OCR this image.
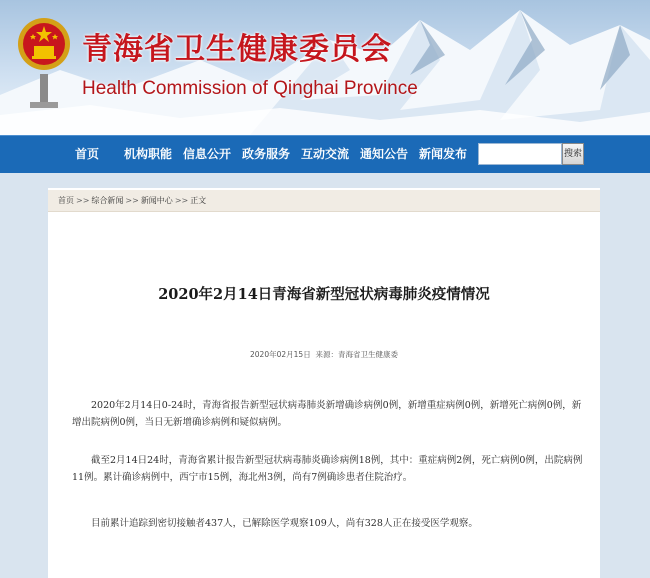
青海省卫生健康委员会
Health Commission of Qinghai Province
首页 机构职能 信息公开 政务服务 互动交流 通知公告 新闻发布	搜索
首页 >> 综合新闻 >> 新闻中心 >> 正文
2020年2月14日青海省新型冠状病毒肺炎疫情情况
2020年02月15日 来源：青海省卫生健康委

2020年2月14日0-24时，青海省报告新型冠状病毒肺炎新增确诊病例0例，新增重症病例0例，新增死亡病例0例，新增出院病例0例，当日无新增确诊病例和疑似病例。

截至2月14日24时，青海省累计报告新型冠状病毒肺炎确诊病例18例，其中：重症病例2例，死亡病例0例，出院病例11例。累计确诊病例中，西宁市15例，海北州3例，尚有7例确诊患者住院治疗。

目前累计追踪到密切接触者437人，已解除医学观察109人，尚有328人正在接受医学观察。
